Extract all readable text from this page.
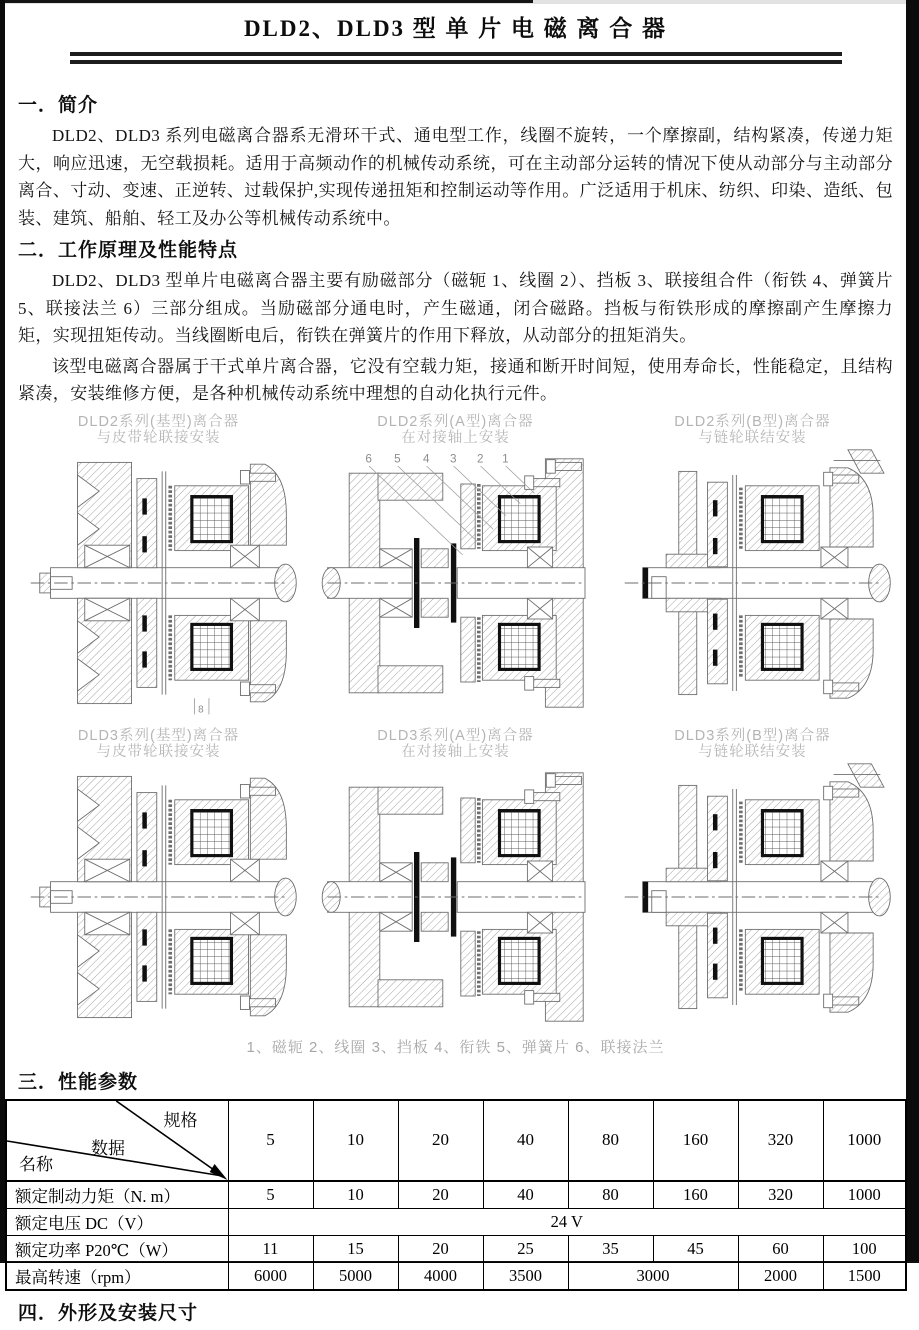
DLD2、DLD3 型 单 片 电 磁 离 合 器
一．简介

DLD2、DLD3 系列电磁离合器系无滑环干式、通电型工作，线圈不旋转，一个摩擦副，结构紧凑，传递力矩大，响应迅速，无空载损耗。适用于高频动作的机械传动系统，可在主动部分运转的情况下使从动部分与主动部分离合、寸动、变速、正逆转、过载保护,实现传递扭矩和控制运动等作用。广泛适用于机床、纺织、印染、造纸、包装、建筑、船舶、轻工及办公等机械传动系统中。

二．工作原理及性能特点

DLD2、DLD3 型单片电磁离合器主要有励磁部分（磁轭 1、线圈 2）、挡板 3、联接组合件（衔铁 4、弹簧片 5、联接法兰 6）三部分组成。当励磁部分通电时，产生磁通，闭合磁路。挡板与衔铁形成的摩擦副产生摩擦力矩，实现扭矩传动。当线圈断电后，衔铁在弹簧片的作用下释放，从动部分的扭矩消失。

该型电磁离合器属于干式单片离合器，它没有空载力矩，接通和断开时间短，使用寿命长，性能稳定，且结构紧凑，安装维修方便，是各种机械传动系统中理想的自动化执行元件。

DLD2系列(基型)离合器
与皮带轮联接安装
8
DLD2系列(A型)离合器
在对接轴上安装
6 5 4 3 2 1
DLD2系列(B型)离合器
与链轮联结安装
DLD3系列(基型)离合器
与皮带轮联接安装
DLD3系列(A型)离合器
在对接轴上安装
DLD3系列(B型)离合器
与链轮联结安装
1、磁轭 2、线圈 3、挡板 4、衔铁 5、弹簧片 6、联接法兰
三．性能参数
规格
数据
名称	5	10	20	40	80	160	320	1000
额定制动力矩（N. m）	5	10	20	40	80	160	320	1000
额定电压 DC（V）	24 V							
额定功率 P20℃（W）	11	15	20	25	35	45	60	100
最高转速（rpm）	6000	5000	4000	3500	3000		2000	1500
四．外形及安装尺寸
